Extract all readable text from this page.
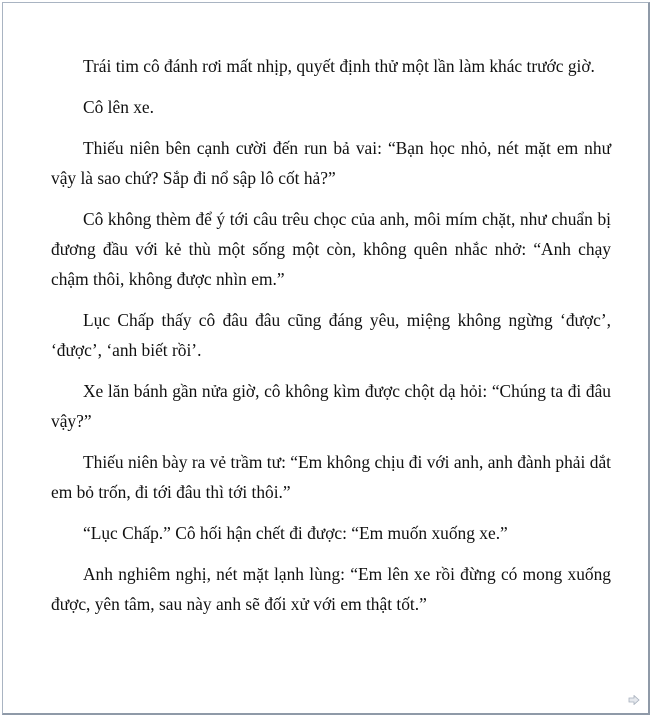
Trái tim cô đánh rơi mất nhịp, quyết định thử một lần làm khác trước giờ.

Cô lên xe.

Thiếu niên bên cạnh cười đến run bả vai: “Bạn học nhỏ, nét mặt em như vậy là sao chứ? Sắp đi nổ sập lô cốt hả?”

Cô không thèm để ý tới câu trêu chọc của anh, môi mím chặt, như chuẩn bị đương đầu với kẻ thù một sống một còn, không quên nhắc nhở: “Anh chạy chậm thôi, không được nhìn em.”

Lục Chấp thấy cô đâu đâu cũng đáng yêu, miệng không ngừng ‘được’, ‘được’, ‘anh biết rồi’.

Xe lăn bánh gần nửa giờ, cô không kìm được chột dạ hỏi: “Chúng ta đi đâu vậy?”

Thiếu niên bày ra vẻ trầm tư: “Em không chịu đi với anh, anh đành phải dắt em bỏ trốn, đi tới đâu thì tới thôi.”

“Lục Chấp.” Cô hối hận chết đi được: “Em muốn xuống xe.”

Anh nghiêm nghị, nét mặt lạnh lùng: “Em lên xe rồi đừng có mong xuống được, yên tâm, sau này anh sẽ đối xử với em thật tốt.”
